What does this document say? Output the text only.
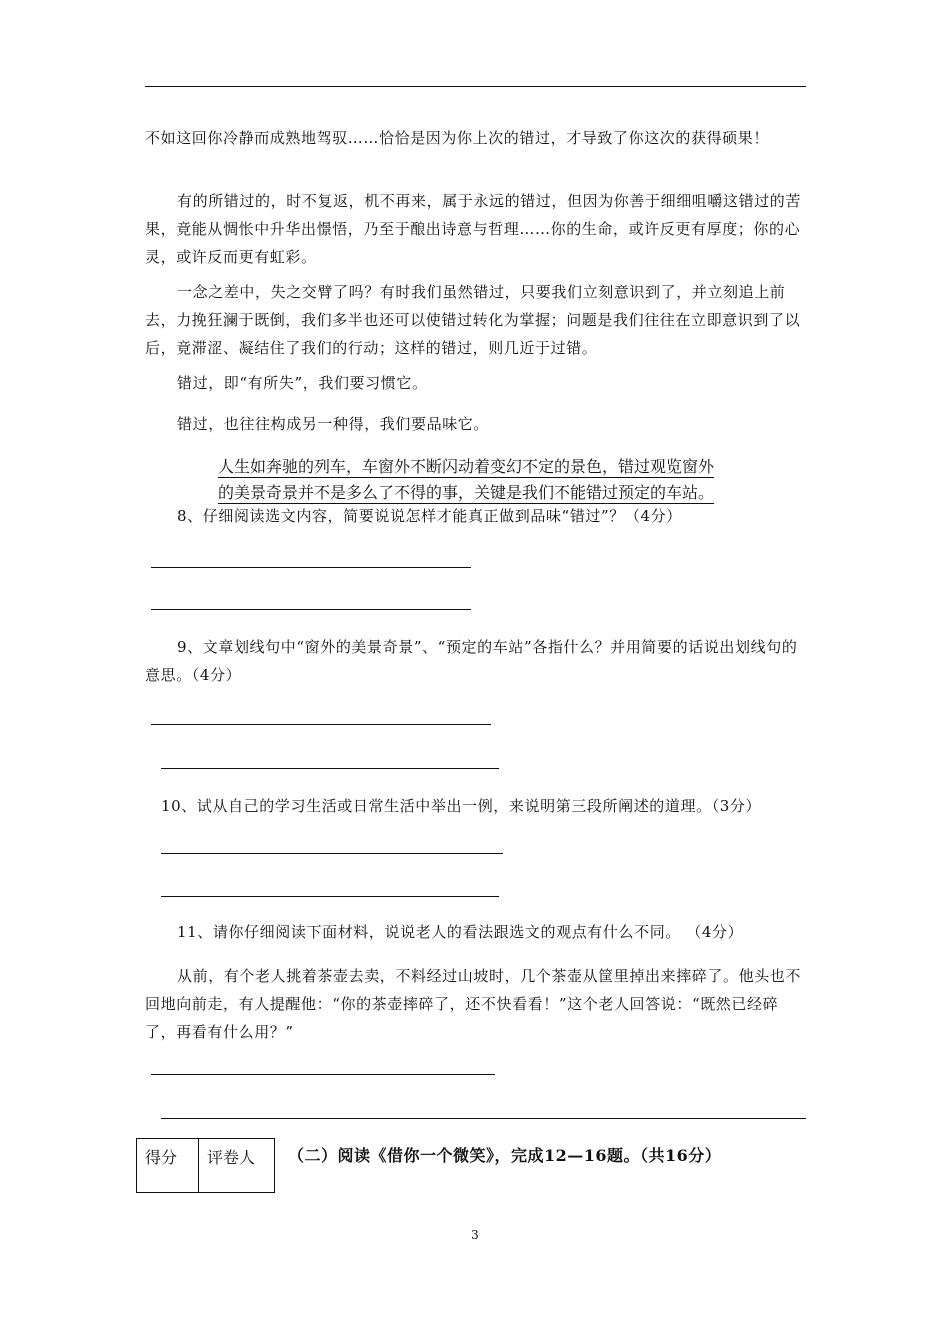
不如这回你冷静而成熟地驾驭……恰恰是因为你上次的错过，才导致了你这次的获得硕果！
有的所错过的，时不复返，机不再来，属于永远的错过，但因为你善于细细咀嚼这错过的苦果，竟能从惆怅中升华出憬悟，乃至于酿出诗意与哲理……你的生命，或许反更有厚度；你的心灵，或许反而更有虹彩。
一念之差中，失之交臂了吗？有时我们虽然错过，只要我们立刻意识到了，并立刻追上前去，力挽狂澜于既倒，我们多半也还可以使错过转化为掌握；问题是我们往往在立即意识到了以后，竟滞涩、凝结住了我们的行动；这样的错过，则几近于过错。
错过，即“有所失”，我们要习惯它。
错过，也往往构成另一种得，我们要品味它。
人生如奔驰的列车，车窗外不断闪动着变幻不定的景色，错过观览窗外
的美景奇景并不是多么了不得的事，关键是我们不能错过预定的车站。
8、仔细阅读选文内容，简要说说怎样才能真正做到品味“错过”？（4分）
9、文章划线句中“窗外的美景奇景”、“预定的车站”各指什么？并用简要的话说出划线句的意思。（4分）
10、试从自己的学习生活或日常生活中举出一例，来说明第三段所阐述的道理。（3分）
11、请你仔细阅读下面材料，说说老人的看法跟选文的观点有什么不同。 （4分）
从前，有个老人挑着茶壶去卖，不料经过山坡时，几个茶壶从筐里掉出来摔碎了。他头也不回地向前走，有人提醒他：“你的茶壶摔碎了，还不快看看！”这个老人回答说：“既然已经碎了，再看有什么用？”
得分	评卷人 （二）阅读《借你一个微笑》，完成12—16题。（共16分）
3
